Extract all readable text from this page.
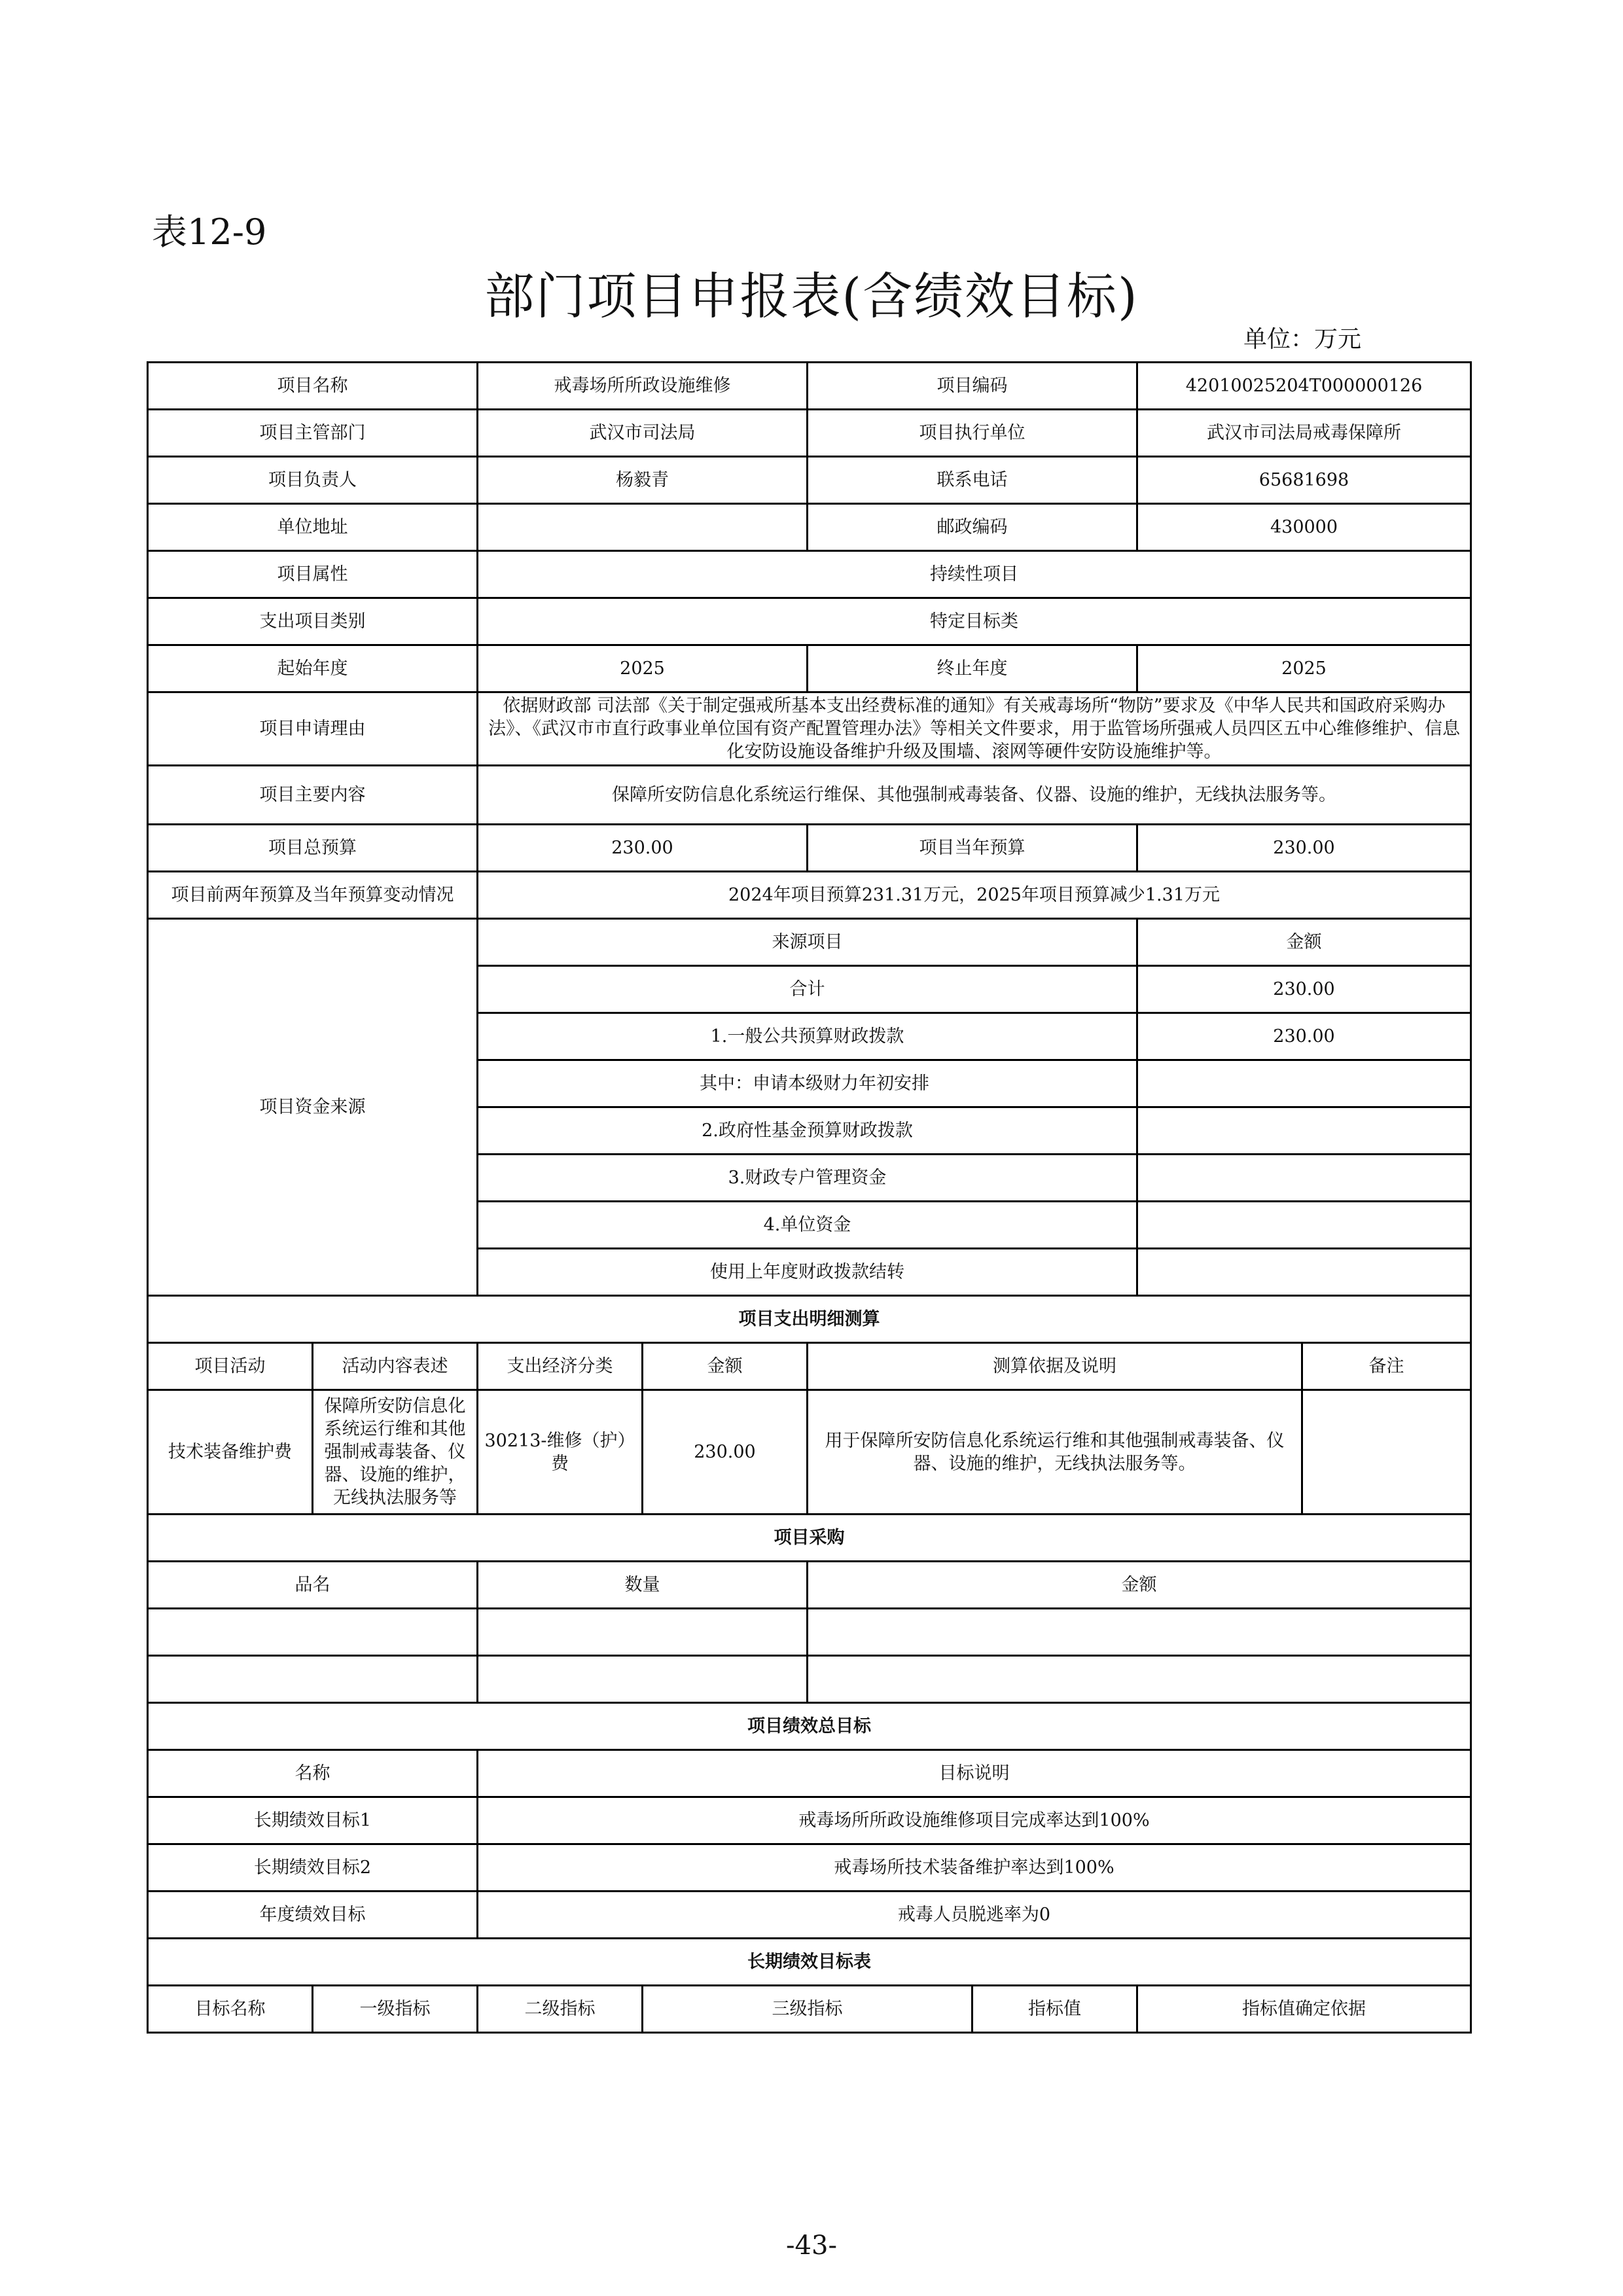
表12-9
部门项目申报表(含绩效目标)
单位：万元
项目名称		戒毒场所所政设施维修		项目编码		42010025204T000000126	
项目主管部门		武汉市司法局		项目执行单位		武汉市司法局戒毒保障所	
项目负责人		杨毅青		联系电话		65681698	
单位地址				邮政编码		430000	
项目属性		持续性项目					
支出项目类别		特定目标类					
起始年度		2025		终止年度		2025	
项目申请理由		依据财政部 司法部《关于制定强戒所基本支出经费标准的通知》有关戒毒场所“物防”要求及《中华人民共和国政府采购办法》、《武汉市市直行政事业单位国有资产配置管理办法》等相关文件要求，用于监管场所强戒人员四区五中心维修维护、信息化安防设施设备维护升级及围墙、滚网等硬件安防设施维护等。					
项目主要内容		保障所安防信息化系统运行维保、其他强制戒毒装备、仪器、设施的维护，无线执法服务等。					
项目总预算		230.00		项目当年预算		230.00	
项目前两年预算及当年预算变动情况		2024年项目预算231.31万元，2025年项目预算减少1.31万元					
项目资金来源		来源项目				金额	
		合计				230.00	
		1.一般公共预算财政拨款				230.00	
		其中：申请本级财力年初安排					
		2.政府性基金预算财政拨款					
		3.财政专户管理资金					
		4.单位资金					
		使用上年度财政拨款结转					
项目支出明细测算							
项目活动	活动内容表述	支出经济分类	金额	测算依据及说明			备注
技术装备维护费	保障所安防信息化系统运行维和其他强制戒毒装备、仪器、设施的维护，无线执法服务等	30213-维修（护）费	230.00	用于保障所安防信息化系统运行维和其他强制戒毒装备、仪器、设施的维护，无线执法服务等。			
项目采购							
品名		数量		金额			

项目绩效总目标							
名称		目标说明					
长期绩效目标1		戒毒场所所政设施维修项目完成率达到100%					
长期绩效目标2		戒毒场所技术装备维护率达到100%					
年度绩效目标		戒毒人员脱逃率为0					
长期绩效目标表							
目标名称	一级指标	二级指标	三级指标		指标值	指标值确定依据	
-43-
